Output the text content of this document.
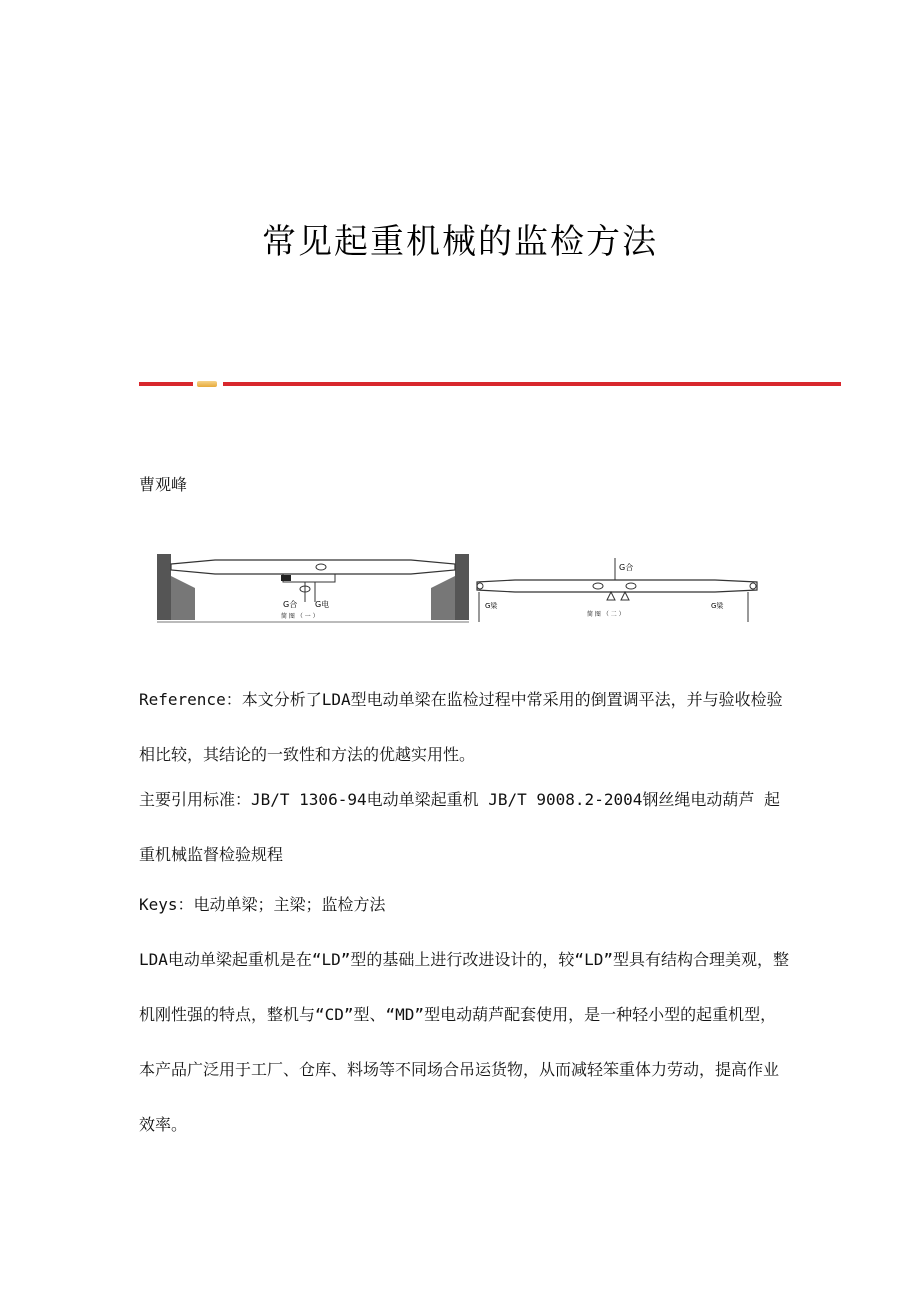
常见起重机械的监检方法
曹观峰
G合 G电
简 图 （ 一 ）
G合
G梁	G梁
简 图 （ 二 ）

Reference：本文分析了LDA型电动单梁在监检过程中常采用的倒置调平法，并与验收检验相比较，其结论的一致性和方法的优越实用性。

主要引用标准：JB/T 1306-94电动单梁起重机 JB/T 9008.2-2004钢丝绳电动葫芦 起重机械监督检验规程

Keys：电动单梁；主梁；监检方法

LDA电动单梁起重机是在“LD”型的基础上进行改进设计的，较“LD”型具有结构合理美观，整机刚性强的特点，整机与“CD”型、“MD”型电动葫芦配套使用，是一种轻小型的起重机型，本产品广泛用于工厂、仓库、料场等不同场合吊运货物，从而减轻笨重体力劳动，提高作业效率。
